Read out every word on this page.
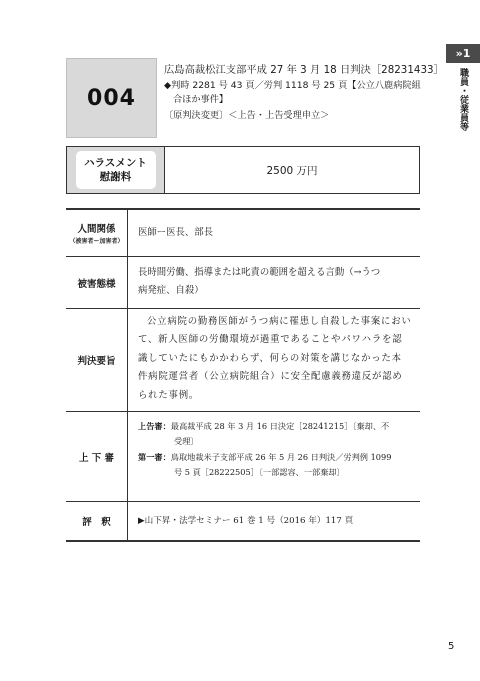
»1
職員・従業員等
004
広島高裁松江支部平成 27 年 3 月 18 日判決［28231433］
◆判時 2281 号 43 頁／労判 1118 号 25 頁【公立八鹿病院組
合ほか事件】
〔原判決変更〕＜上告・上告受理申立＞
ハラスメント
慰謝料
2500 万円
人間関係
（被害者ー加害者）
医師ー医長、部長
被害態様
長時間労働、指導または叱責の範囲を超える言動（→うつ
病発症、自殺）
判決要旨
公立病院の勤務医師がうつ病に罹患し自殺した事案におい
て、新人医師の労働環境が過重であることやパワハラを認
識していたにもかかわらず、何らの対策を講じなかった本
件病院運営者（公立病院組合）に安全配慮義務違反が認め
られた事例。
上 下 審
上告審：最高裁平成 28 年 3 月 16 日決定［28241215］〔棄却、不
受理〕
第一審：鳥取地裁米子支部平成 26 年 5 月 26 日判決／労判例 1099
号 5 頁［28222505］〔一部認容、一部棄却〕
評　釈	▶山下昇・法学セミナー 61 巻 1 号（2016 年）117 頁
5
